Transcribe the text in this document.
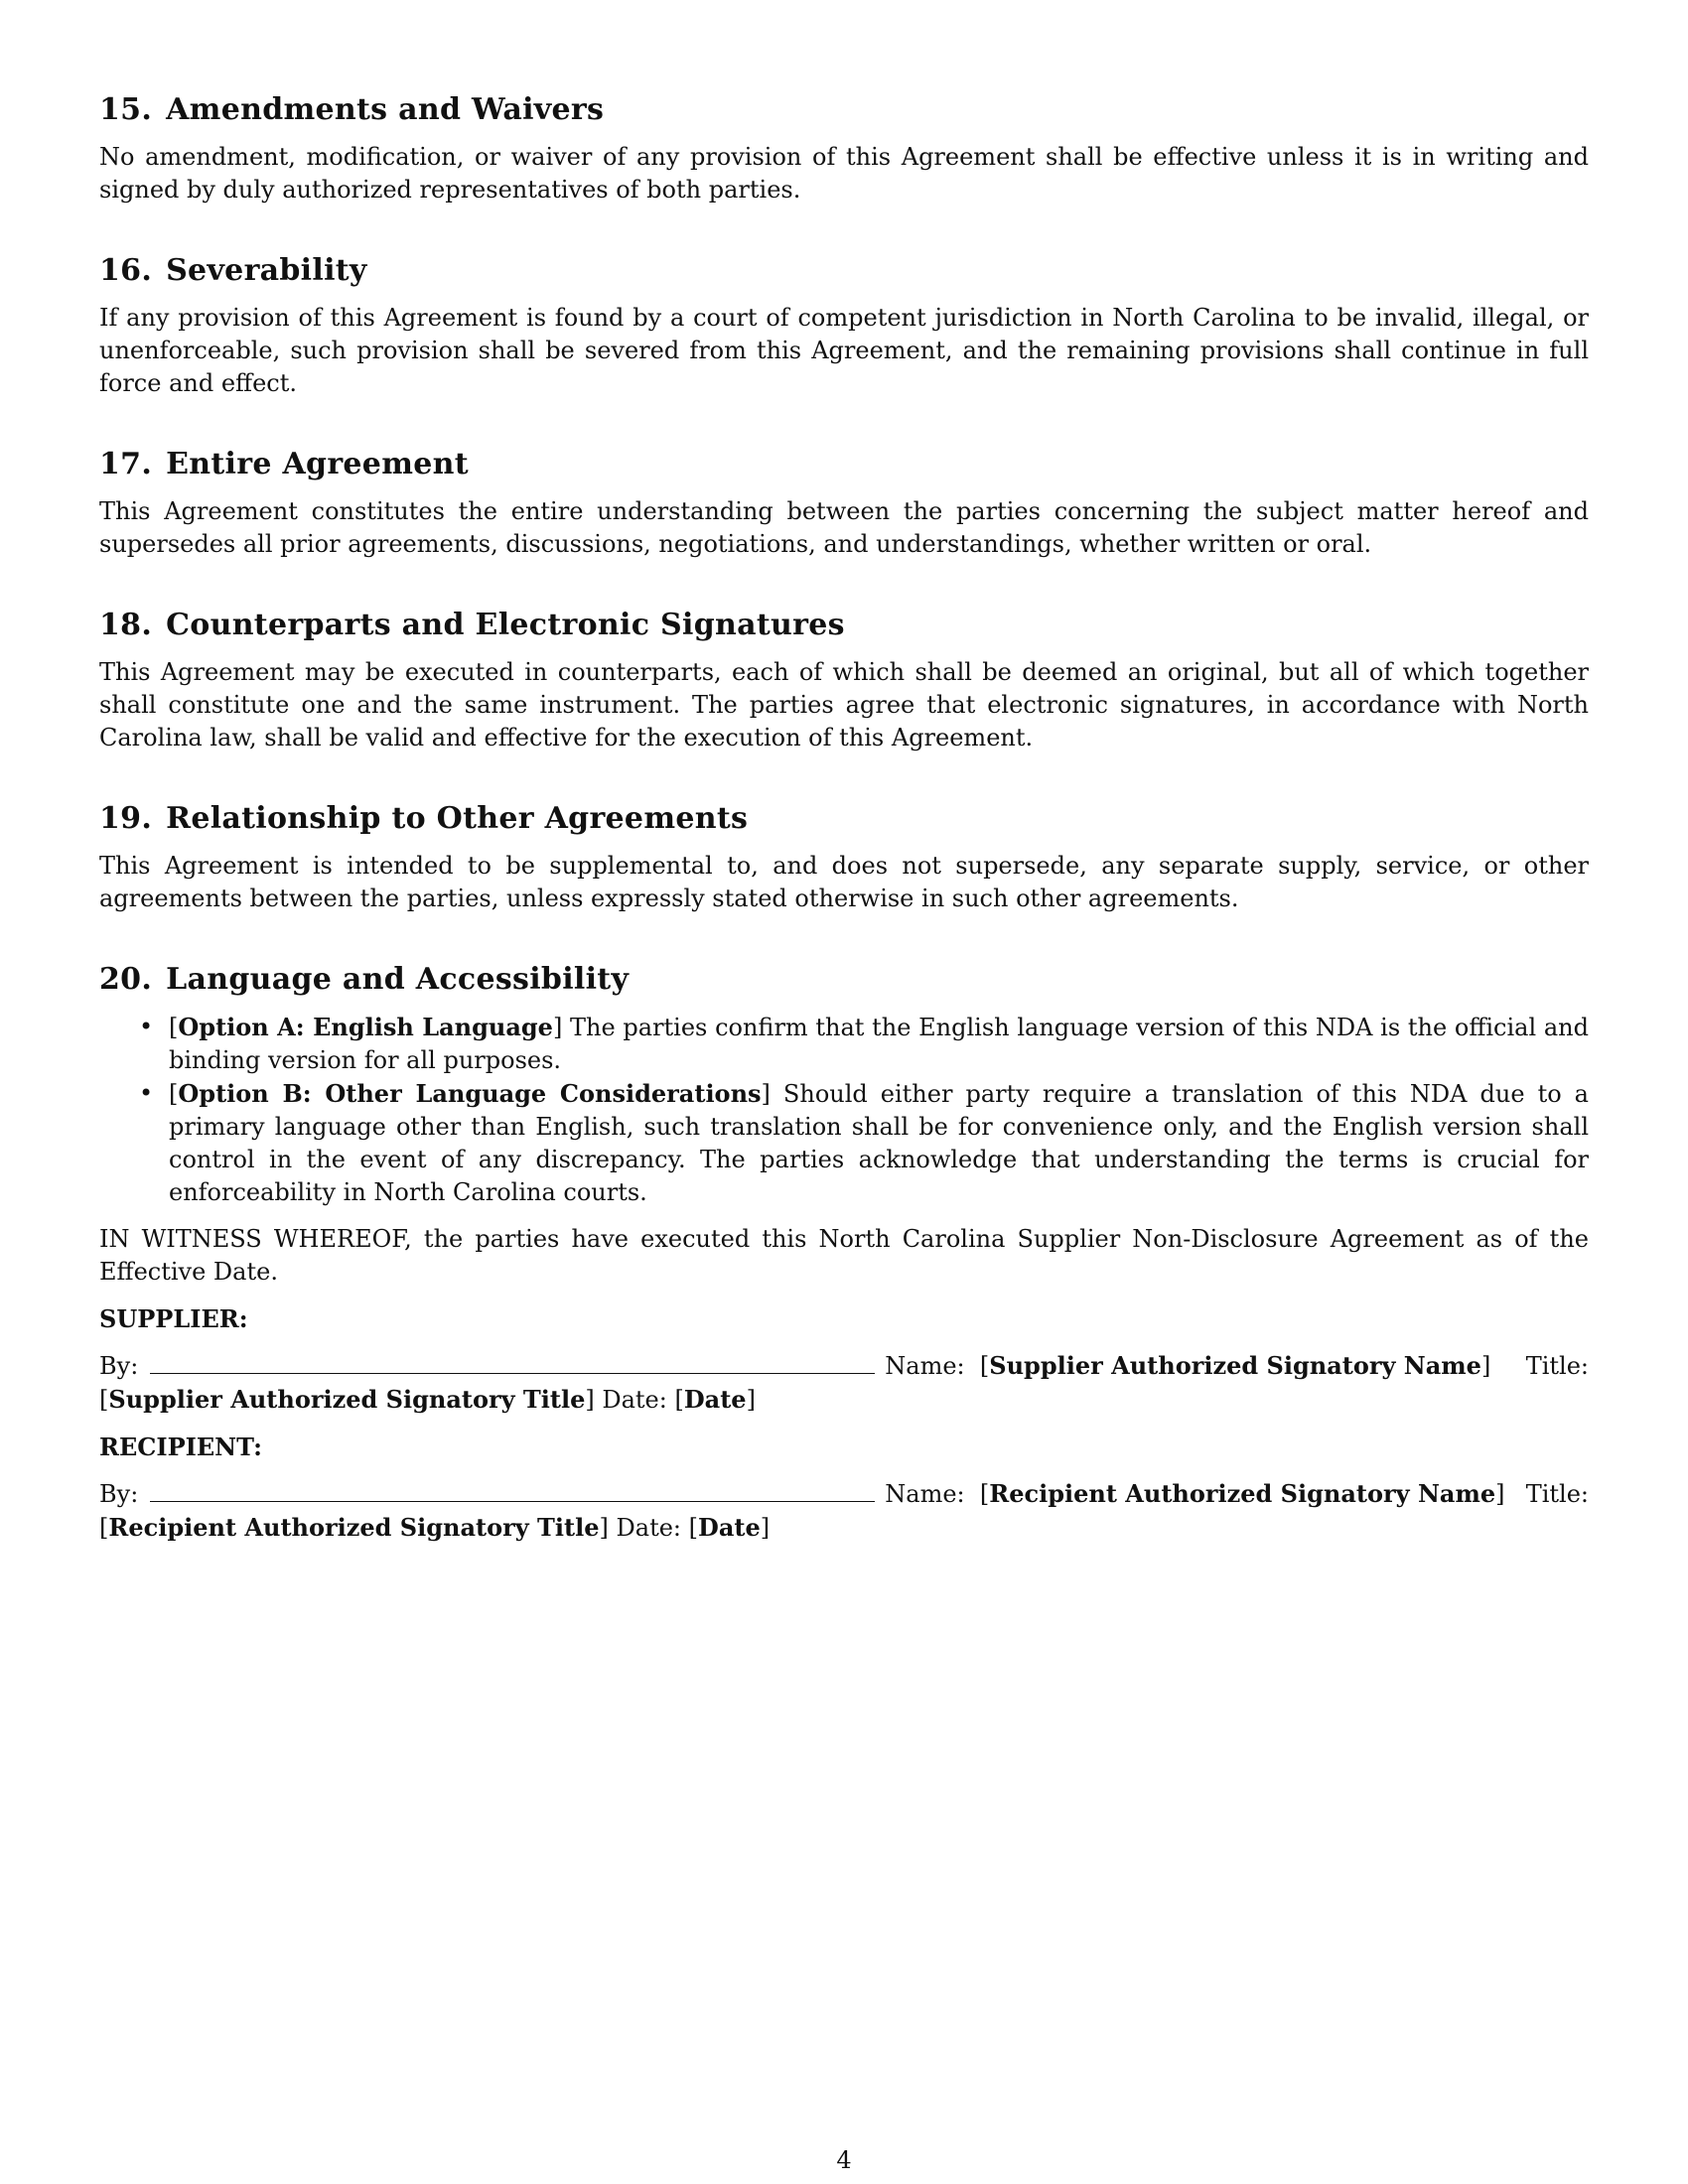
15. Amendments and Waivers

No amendment, modification, or waiver of any provision of this Agreement shall be effective unless it is in writing and signed by duly authorized representatives of both parties.

16. Severability

If any provision of this Agreement is found by a court of competent jurisdiction in North Carolina to be invalid, illegal, or unenforceable, such provision shall be severed from this Agreement, and the remaining provisions shall continue in full force and effect.

17. Entire Agreement

This Agreement constitutes the entire understanding between the parties concerning the subject matter hereof and supersedes all prior agreements, discussions, negotiations, and understandings, whether written or oral.

18. Counterparts and Electronic Signatures

This Agreement may be executed in counterparts, each of which shall be deemed an original, but all of which together shall constitute one and the same instrument. The parties agree that electronic signatures, in accordance with North Carolina law, shall be valid and effective for the execution of this Agreement.

19. Relationship to Other Agreements

This Agreement is intended to be supplemental to, and does not supersede, any separate supply, service, or other agreements between the parties, unless expressly stated otherwise in such other agreements.

20. Language and Accessibility
• [Option A: English Language] The parties confirm that the English language version of this NDA is the official and binding version for all purposes.
• [Option B: Other Language Considerations] Should either party require a translation of this NDA due to a primary language other than English, such translation shall be for convenience only, and the English version shall control in the event of any discrepancy. The parties acknowledge that understanding the terms is crucial for enforceability in North Carolina courts.

IN WITNESS WHEREOF, the parties have executed this North Carolina Supplier Non-Disclosure Agreement as of the Effective Date.

SUPPLIER:
By:	Name:  [Supplier Authorized Signatory Name] Title:
[Supplier Authorized Signatory Title] Date: [Date]
RECIPIENT:
By:	Name:  [Recipient Authorized Signatory Name] Title:
[Recipient Authorized Signatory Title] Date: [Date]
4
